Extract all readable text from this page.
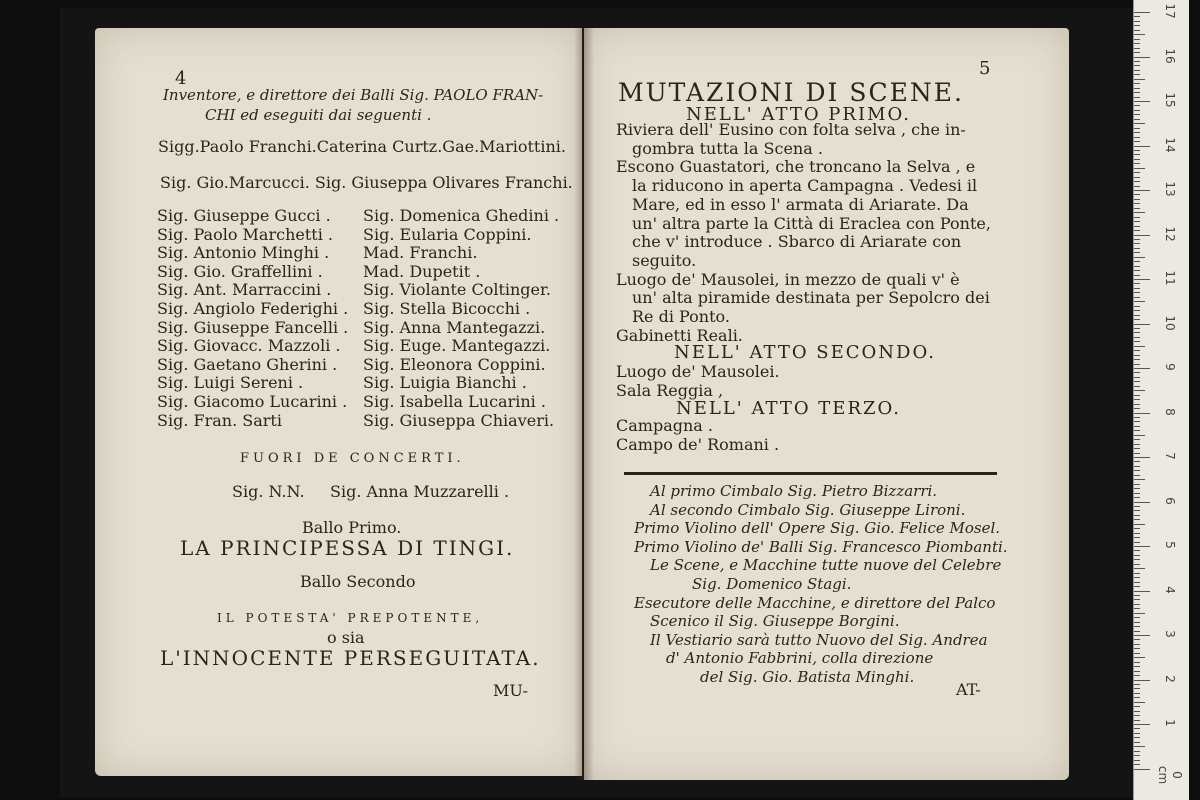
4
Inventore, e direttore dei Balli Sig. PAOLO FRAN-
CHI ed eseguiti dai seguenti .
Sigg.Paolo Franchi.Caterina Curtz.Gae.Mariottini.
Sig. Gio.Marcucci. Sig. Giuseppa Olivares Franchi.
Sig. Giuseppe Gucci .
Sig. Paolo Marchetti .
Sig. Antonio Minghi .
Sig. Gio. Graffellini .
Sig. Ant. Marraccini .
Sig. Angiolo Federighi .
Sig. Giuseppe Fancelli .
Sig. Giovacc. Mazzoli .
Sig. Gaetano Gherini .
Sig. Luigi Sereni .
Sig. Giacomo Lucarini .
Sig. Fran. Sarti
Sig. Domenica Ghedini .
Sig. Eularia Coppini.
Mad. Franchi.
Mad. Dupetit .
Sig. Violante Coltinger.
Sig. Stella Bicocchi .
Sig. Anna Mantegazzi.
Sig. Euge. Mantegazzi.
Sig. Eleonora Coppini.
Sig. Luigia Bianchi .
Sig. Isabella Lucarini .
Sig. Giuseppa Chiaveri.
FUORI DE CONCERTI.
Sig. N.N.     Sig. Anna Muzzarelli .
Ballo Primo.
LA PRINCIPESSA DI TINGI.
Ballo Secondo
IL POTESTA' PREPOTENTE,
o sia
L'INNOCENTE PERSEGUITATA.
MU-
5
MUTAZIONI DI SCENE.
NELL' ATTO PRIMO.
Riviera dell' Eusino con folta selva , che in-
gombra tutta la Scena .
Escono Guastatori, che troncano la Selva , e
la riducono in aperta Campagna . Vedesi il
Mare, ed in esso l' armata di Ariarate. Da
un' altra parte la Città di Eraclea con Ponte,
che v' introduce . Sbarco di Ariarate con
seguito.
Luogo de' Mausolei, in mezzo de quali v' è
un' alta piramide destinata per Sepolcro dei
Re di Ponto.
Gabinetti Reali.
NELL' ATTO SECONDO.
Luogo de' Mausolei.
Sala Reggia ,
NELL' ATTO TERZO.
Campagna .
Campo de' Romani .
Al primo Cimbalo Sig. Pietro Bizzarri.
Al secondo Cimbalo Sig. Giuseppe Lironi.
Primo Violino dell' Opere Sig. Gio. Felice Mosel.
Primo Violino de' Balli Sig. Francesco Piombanti.
Le Scene, e Macchine tutte nuove del Celebre
Sig. Domenico Stagi.
Esecutore delle Macchine, e direttore del Palco
Scenico il Sig. Giuseppe Borgini.
Il Vestiario sarà tutto Nuovo del Sig. Andrea
d' Antonio Fabbrini, colla direzione
del Sig. Gio. Batista Minghi.
AT-
17
16
15
14
13
12
11
10
9
8
7
6
5
4
3
2
1
0 cm
